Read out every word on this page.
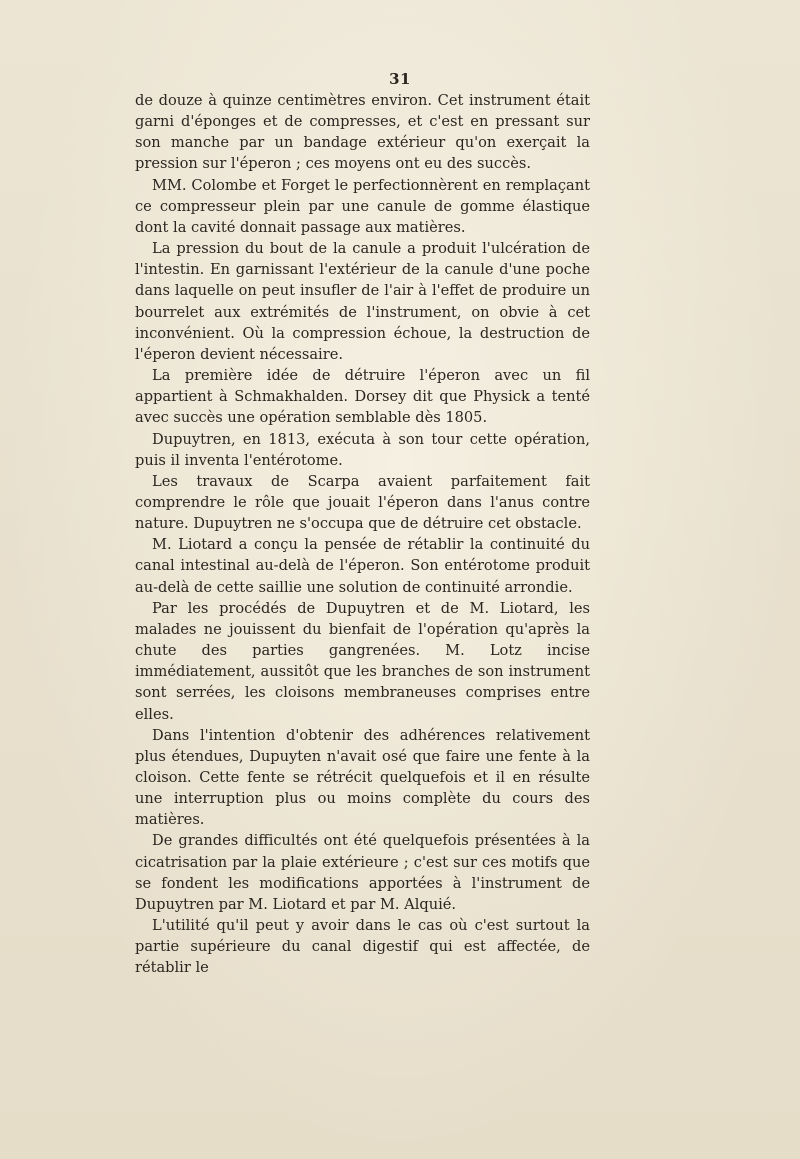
31

de douze à quinze centimètres environ. Cet instrument était garni d'éponges et de compresses, et c'est en pressant sur son manche par un bandage extérieur qu'on exerçait la pression sur l'éperon ; ces moyens ont eu des succès.

MM. Colombe et Forget le perfectionnèrent en remplaçant ce compresseur plein par une canule de gomme élastique dont la cavité donnait passage aux matières.

La pression du bout de la canule a produit l'ulcération de l'intestin. En garnissant l'extérieur de la canule d'une poche dans laquelle on peut insufler de l'air à l'effet de produire un bourrelet aux extrémités de l'instrument, on obvie à cet inconvénient. Où la compression échoue, la destruction de l'éperon devient nécessaire.

La première idée de détruire l'éperon avec un fil appartient à Schmakhalden. Dorsey dit que Physick a tenté avec succès une opération semblable dès 1805.

Dupuytren, en 1813, exécuta à son tour cette opération, puis il inventa l'entérotome.

Les travaux de Scarpa avaient parfaitement fait comprendre le rôle que jouait l'éperon dans l'anus contre nature. Dupuytren ne s'occupa que de détruire cet obstacle.

M. Liotard a conçu la pensée de rétablir la continuité du canal intestinal au-delà de l'éperon. Son entérotome produit au-delà de cette saillie une solution de continuité arrondie.

Par les procédés de Dupuytren et de M. Liotard, les malades ne jouissent du bienfait de l'opération qu'après la chute des parties gangrenées. M. Lotz incise immédiatement, aussitôt que les branches de son instrument sont serrées, les cloisons membraneuses comprises entre elles.

Dans l'intention d'obtenir des adhérences relativement plus étendues, Dupuyten n'avait osé que faire une fente à la cloison. Cette fente se rétrécit quelquefois et il en résulte une interruption plus ou moins complète du cours des matières.

De grandes difficultés ont été quelquefois présentées à la cicatrisation par la plaie extérieure ; c'est sur ces motifs que se fondent les modifications apportées à l'instrument de Dupuytren par M. Liotard et par M. Alquié.

L'utilité qu'il peut y avoir dans le cas où c'est surtout la partie supérieure du canal digestif qui est affectée, de rétablir le
